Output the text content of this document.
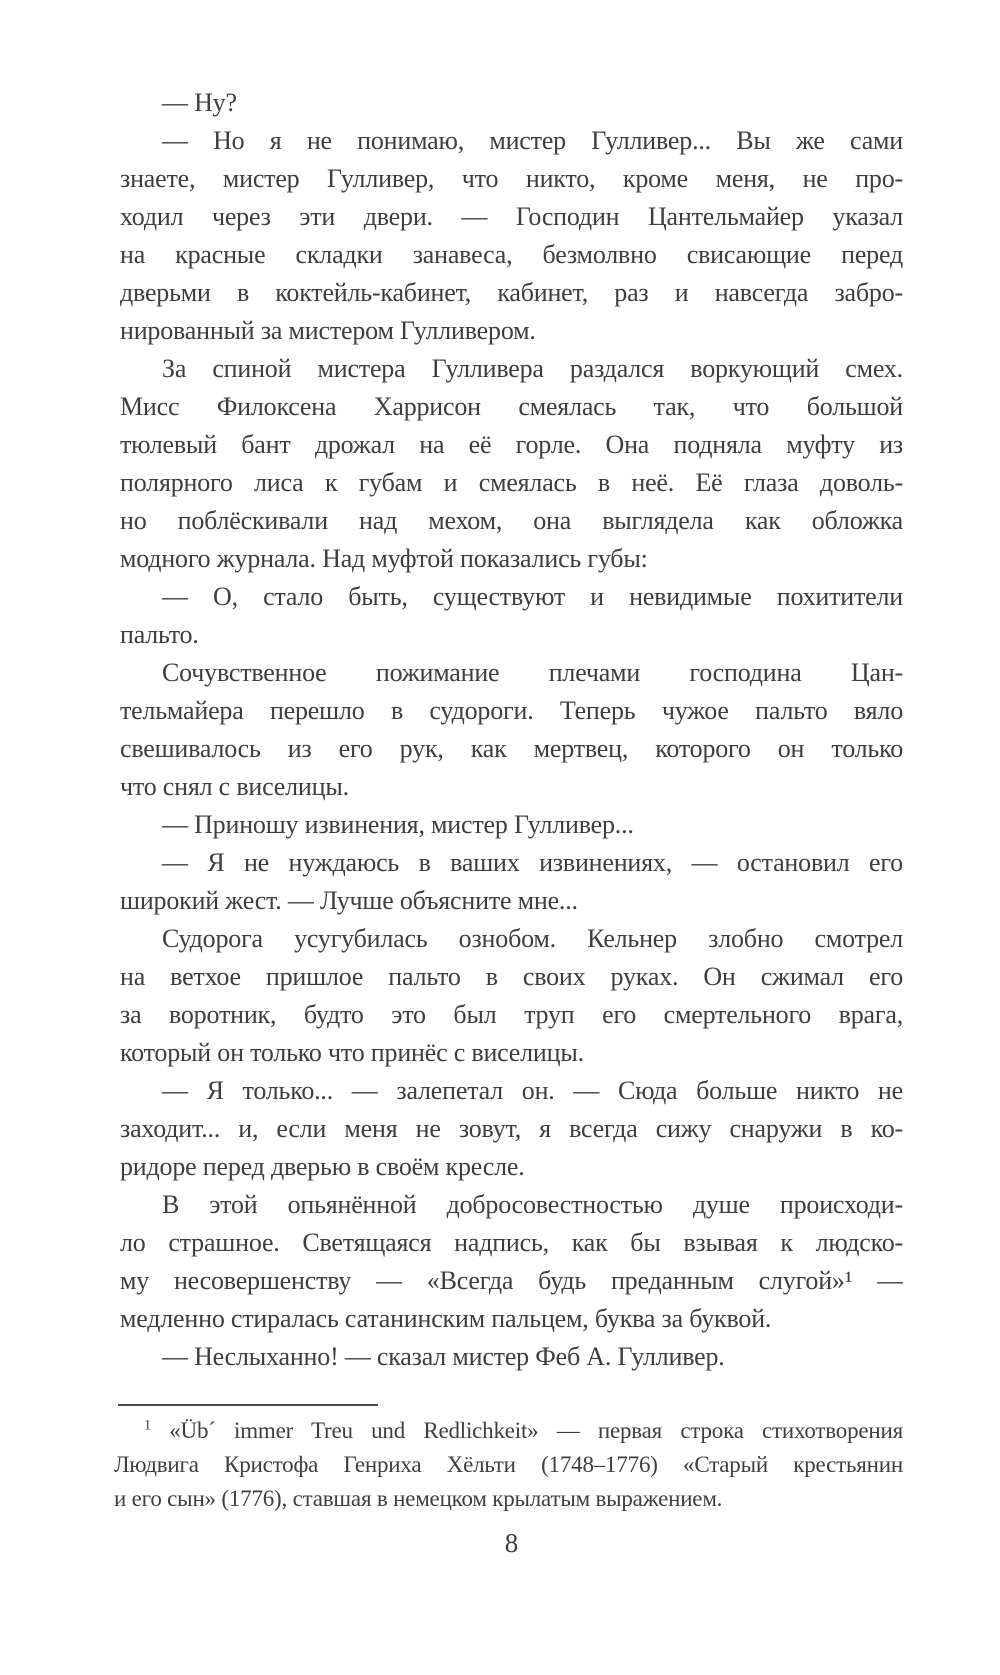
— Ну?
— Но я не понимаю, мистер Гулливер... Вы же сами
знаете, мистер Гулливер, что никто, кроме меня, не про-
ходил через эти двери. — Господин Цантельмайер указал
на красные складки занавеса, безмолвно свисающие перед
дверьми в коктейль-кабинет, кабинет, раз и навсегда забро-
нированный за мистером Гулливером.
За спиной мистера Гулливера раздался воркующий смех.
Мисс Филоксена Харрисон смеялась так, что большой
тюлевый бант дрожал на её горле. Она подняла муфту из
полярного лиса к губам и смеялась в неё. Её глаза доволь-
но поблёскивали над мехом, она выглядела как обложка
модного журнала. Над муфтой показались губы:
— О, стало быть, существуют и невидимые похитители
пальто.
Сочувственное пожимание плечами господина Цан-
тельмайера перешло в судороги. Теперь чужое пальто вяло
свешивалось из его рук, как мертвец, которого он только
что снял с виселицы.
— Приношу извинения, мистер Гулливер...
— Я не нуждаюсь в ваших извинениях, — остановил его
широкий жест. — Лучше объясните мне...
Судорога усугубилась ознобом. Кельнер злобно смотрел
на ветхое пришлое пальто в своих руках. Он сжимал его
за воротник, будто это был труп его смертельного врага,
который он только что принёс с виселицы.
— Я только... — залепетал он. — Сюда больше никто не
заходит... и, если меня не зовут, я всегда сижу снаружи в ко-
ридоре перед дверью в своём кресле.
В этой опьянённой добросовестностью душе происходи-
ло страшное. Светящаяся надпись, как бы взывая к людско-
му несовершенству — «Всегда будь преданным слугой»¹ —
медленно стиралась сатанинским пальцем, буква за буквой.
— Неслыханно! — сказал мистер Феб А. Гулливер.
$^1$ «Üb´ immer Treu und Redlichkeit» — первая строка стихотворения
Людвига Кристофа Генриха Хёльти (1748–1776) «Старый крестьянин
и его сын» (1776), ставшая в немецком крылатым выражением.
8
